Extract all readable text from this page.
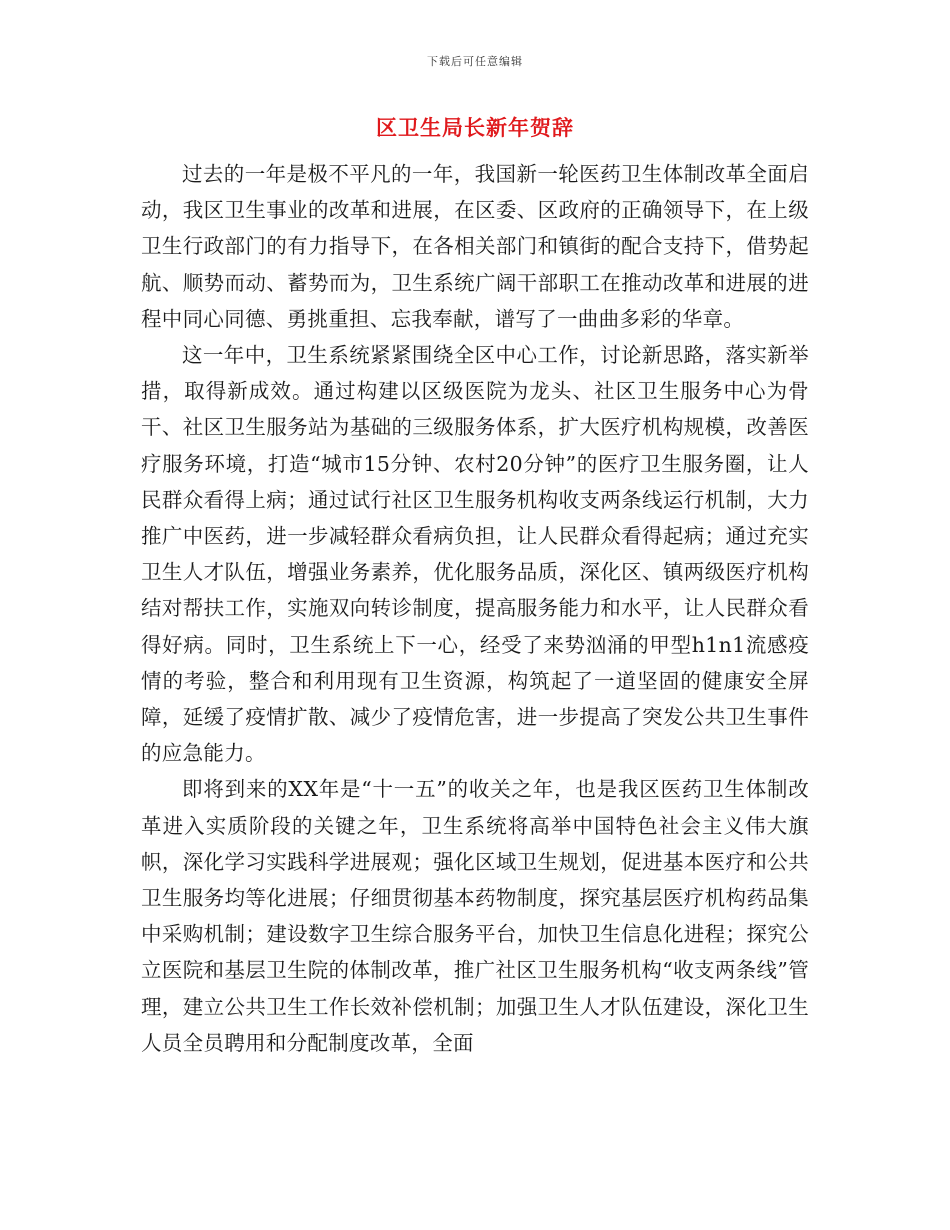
下载后可任意编辑
区卫生局长新年贺辞

过去的一年是极不平凡的一年，我国新一轮医药卫生体制改革全面启动，我区卫生事业的改革和进展，在区委、区政府的正确领导下，在上级卫生行政部门的有力指导下，在各相关部门和镇街的配合支持下，借势起航、顺势而动、蓄势而为，卫生系统广阔干部职工在推动改革和进展的进程中同心同德、勇挑重担、忘我奉献，谱写了一曲曲多彩的华章。

这一年中，卫生系统紧紧围绕全区中心工作，讨论新思路，落实新举措，取得新成效。通过构建以区级医院为龙头、社区卫生服务中心为骨干、社区卫生服务站为基础的三级服务体系，扩大医疗机构规模，改善医疗服务环境，打造“城市15分钟、农村20分钟”的医疗卫生服务圈，让人民群众看得上病；通过试行社区卫生服务机构收支两条线运行机制，大力推广中医药，进一步减轻群众看病负担，让人民群众看得起病；通过充实卫生人才队伍，增强业务素养，优化服务品质，深化区、镇两级医疗机构结对帮扶工作，实施双向转诊制度，提高服务能力和水平，让人民群众看得好病。同时，卫生系统上下一心，经受了来势汹涌的甲型h1n1流感疫情的考验，整合和利用现有卫生资源，构筑起了一道坚固的健康安全屏障，延缓了疫情扩散、减少了疫情危害，进一步提高了突发公共卫生事件的应急能力。

即将到来的XX年是“十一五”的收关之年，也是我区医药卫生体制改革进入实质阶段的关键之年，卫生系统将高举中国特色社会主义伟大旗帜，深化学习实践科学进展观；强化区域卫生规划，促进基本医疗和公共卫生服务均等化进展；仔细贯彻基本药物制度，探究基层医疗机构药品集中采购机制；建设数字卫生综合服务平台，加快卫生信息化进程；探究公立医院和基层卫生院的体制改革，推广社区卫生服务机构“收支两条线”管理，建立公共卫生工作长效补偿机制；加强卫生人才队伍建设，深化卫生人员全员聘用和分配制度改革，全面
